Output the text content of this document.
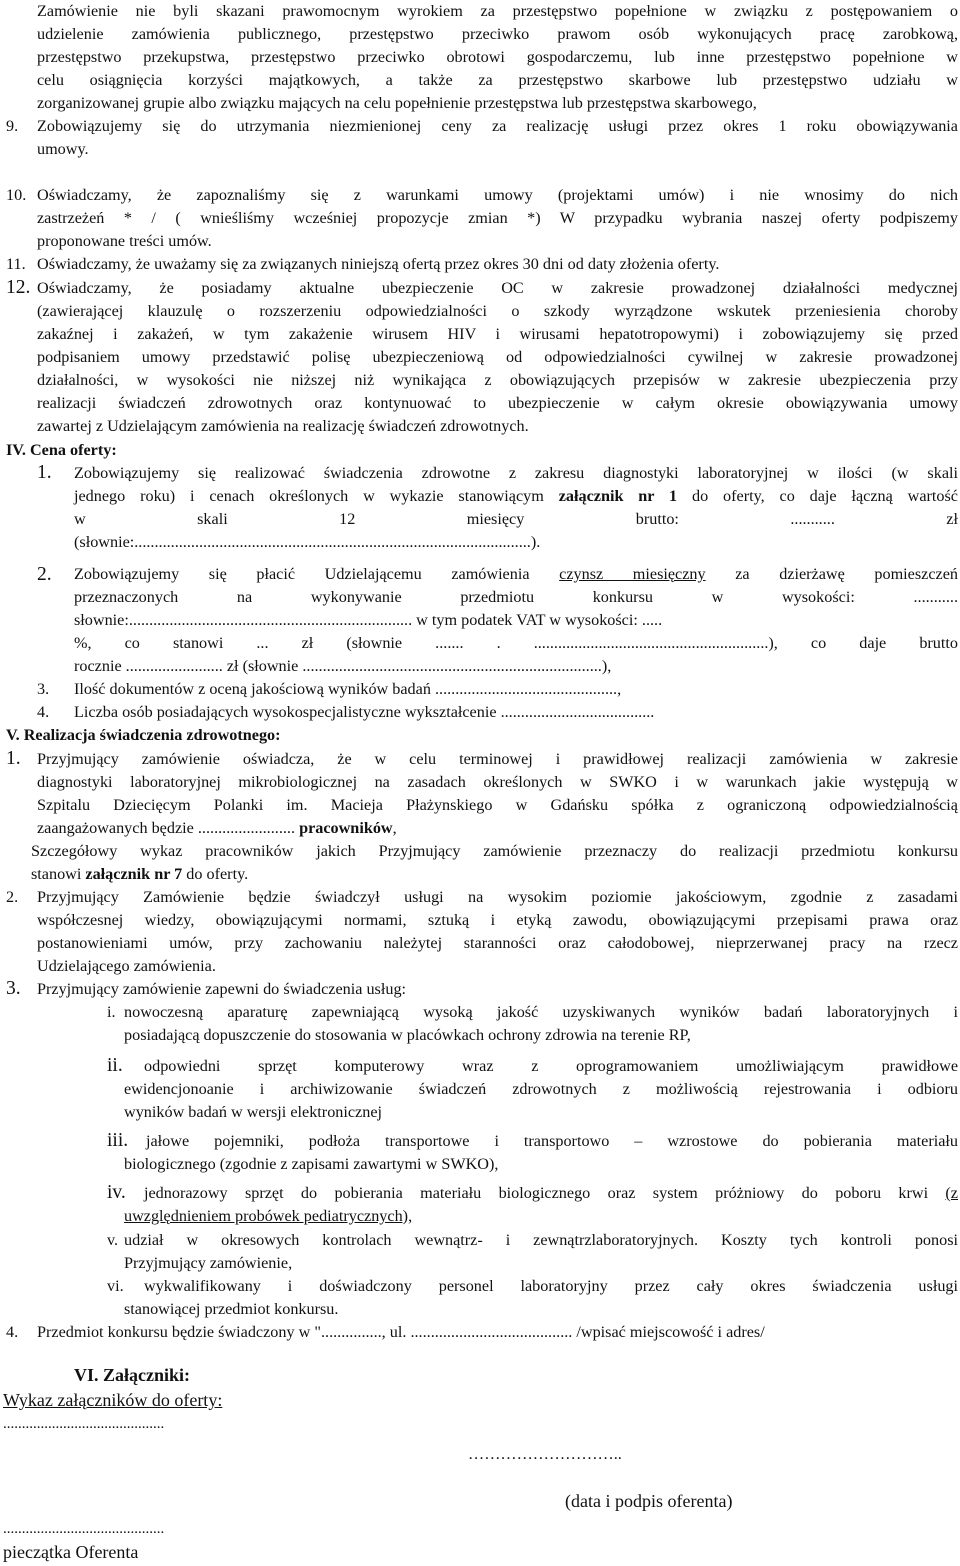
Zamówienie nie byli skazani prawomocnym wyrokiem za przestępstwo popełnione w związku z postępowaniem o

udzielenie zamówienia publicznego, przestępstwo przeciwko prawom osób wykonujących pracę zarobkową,

przestępstwo przekupstwa, przestępstwo przeciwko obrotowi gospodarczemu, lub inne przestępstwo popełnione w

celu osiągnięcia korzyści majątkowych, a także za przestępstwo skarbowe lub przestępstwo udziału w

zorganizowanej grupie albo związku mających na celu popełnienie przestępstwa lub przestępstwa skarbowego,

9. Zobowiązujemy się do utrzymania niezmienionej ceny za realizację usługi przez okres 1 roku obowiązywania

umowy.

10. Oświadczamy, że zapoznaliśmy się z warunkami umowy (projektami umów) i nie wnosimy do nich

zastrzeżeń * / ( wnieśliśmy wcześniej propozycje zmian *) W przypadku wybrania naszej oferty podpiszemy

proponowane treści umów.

11. Oświadczamy, że uważamy się za związanych niniejszą ofertą przez okres 30 dni od daty złożenia oferty.

12. Oświadczamy, że posiadamy aktualne ubezpieczenie OC w zakresie prowadzonej działalności medycznej

(zawierającej klauzulę o rozszerzeniu odpowiedzialności o szkody wyrządzone wskutek przeniesienia choroby

zakaźnej i zakażeń, w tym zakażenie wirusem HIV i wirusami hepatotropowymi) i zobowiązujemy się przed

podpisaniem umowy przedstawić polisę ubezpieczeniową od odpowiedzialności cywilnej w zakresie prowadzonej

działalności, w wysokości nie niższej niż wynikająca z obowiązujących przepisów w zakresie ubezpieczenia przy

realizacji świadczeń zdrowotnych oraz kontynuować to ubezpieczenie w całym okresie obowiązywania umowy

zawartej z Udzielającym zamówienia na realizację świadczeń zdrowotnych.

IV. Cena oferty:
1. Zobowiązujemy się realizować świadczenia zdrowotne z zakresu diagnostyki laboratoryjnej w ilości (w skali

jednego roku) i cenach określonych w wykazie stanowiącym załącznik nr 1 do oferty, co daje łączną wartość

w skali 12 miesięcy brutto: ........... zł

(słownie:..................................................................................................).

2. Zobowiązujemy się płacić Udzielającemu zamówienia czynsz miesięczny za dzierżawę pomieszczeń

przeznaczonych na wykonywanie przedmiotu konkursu w wysokości: ...........

słownie:...................................................................... w tym podatek VAT w wysokości: .....

%, co stanowi ... zł (słownie ....... . ..........................................................), co daje brutto

rocznie ........................ zł (słownie ..........................................................................),

3. Ilość dokumentów z oceną jakościową wyników badań .............................................,
4. Liczba osób posiadających wysokospecjalistyczne wykształcenie ......................................
V. Realizacja świadczenia zdrowotnego:
1. Przyjmujący zamówienie oświadcza, że w celu terminowej i prawidłowej realizacji zamówienia w zakresie

diagnostyki laboratoryjnej mikrobiologicznej na zasadach określonych w SWKO i w warunkach jakie występują w

Szpitalu Dziecięcym Polanki im. Macieja Płażynskiego w Gdańsku spółka z ograniczoną odpowiedzialnością

zaangażowanych będzie ........................ pracowników,

Szczegółowy wykaz pracowników jakich Przyjmujący zamówienie przeznaczy do realizacji przedmiotu konkursu

stanowi załącznik nr 7 do oferty.

2. Przyjmujący Zamówienie będzie świadczył usługi na wysokim poziomie jakościowym, zgodnie z zasadami

współczesnej wiedzy, obowiązującymi normami, sztuką i etyką zawodu, obowiązującymi przepisami prawa oraz

postanowieniami umów, przy zachowaniu należytej staranności oraz całodobowej, nieprzerwanej pracy na rzecz

Udzielającego zamówienia.

3. Przyjmujący zamówienie zapewni do świadczenia usług:
i. nowoczesną aparaturę zapewniającą wysoką jakość uzyskiwanych wyników badań laboratoryjnych i

posiadającą dopuszczenie do stosowania w placówkach ochrony zdrowia na terenie RP,

ii.	odpowiedni sprzęt komputerowy wraz z oprogramowaniem umożliwiającym prawidłowe

ewidencjonoanie i archiwizowanie świadczeń zdrowotnych z możliwością rejestrowania i odbioru

wyników badań w wersji elektronicznej

iii.	jałowe pojemniki, podłoża transportowe i transportowo – wzrostowe do pobierania materiału

biologicznego (zgodnie z zapisami zawartymi w SWKO),

iv.	jednorazowy sprzęt do pobierania materiału biologicznego oraz system próżniowy do poboru krwi (z

uwzględnieniem probówek pediatrycznych),

v. udział w okresowych kontrolach wewnątrz- i zewnątrzlaboratoryjnych. Koszty tych kontroli ponosi

Przyjmujący zamówienie,

vi.	wykwalifikowany i doświadczony personel laboratoryjny przez cały okres świadczenia usługi

stanowiącej przedmiot konkursu.

4. Przedmiot konkursu będzie świadczony w "..............., ul. ........................................ /wpisać miejscowość i adres/
VI. Załączniki:
Wykaz załączników do oferty:
...........................................
………………………..
(data i podpis oferenta)
...........................................
pieczątka Oferenta
